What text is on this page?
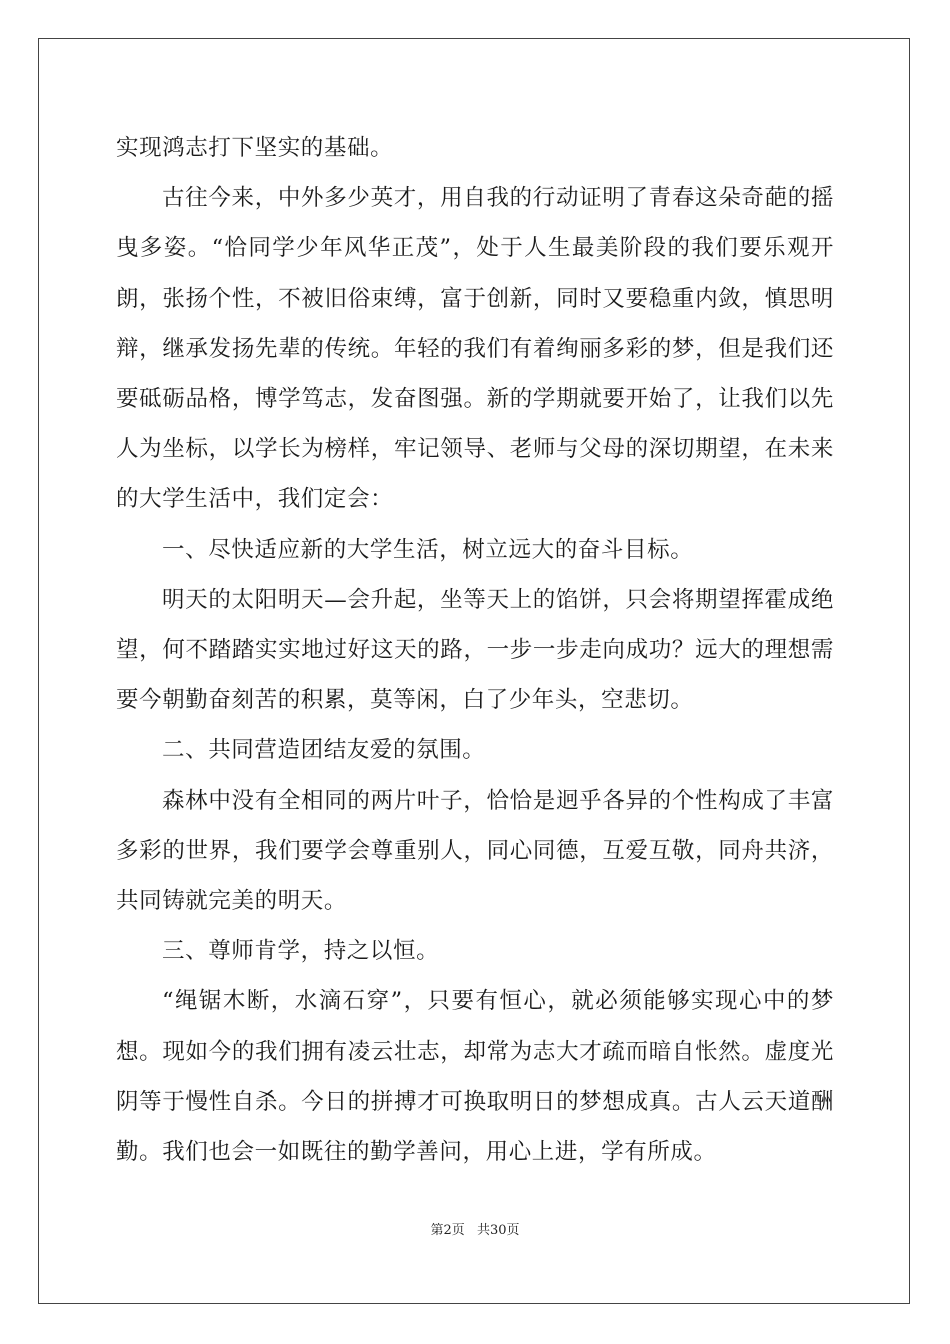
实现鸿志打下坚实的基础。

古往今来，中外多少英才，用自我的行动证明了青春这朵奇葩的摇曳多姿。“恰同学少年风华正茂”，处于人生最美阶段的我们要乐观开朗，张扬个性，不被旧俗束缚，富于创新，同时又要稳重内敛，慎思明辩，继承发扬先辈的传统。年轻的我们有着绚丽多彩的梦，但是我们还要砥砺品格，博学笃志，发奋图强。新的学期就要开始了，让我们以先人为坐标，以学长为榜样，牢记领导、老师与父母的深切期望，在未来的大学生活中，我们定会：

一、尽快适应新的大学生活，树立远大的奋斗目标。

明天的太阳明天—会升起，坐等天上的馅饼，只会将期望挥霍成绝望，何不踏踏实实地过好这天的路，一步一步走向成功？远大的理想需要今朝勤奋刻苦的积累，莫等闲，白了少年头，空悲切。

二、共同营造团结友爱的氛围。

森林中没有全相同的两片叶子，恰恰是迥乎各异的个性构成了丰富多彩的世界，我们要学会尊重别人，同心同德，互爱互敬，同舟共济，共同铸就完美的明天。

三、尊师肯学，持之以恒。

“绳锯木断，水滴石穿”，只要有恒心，就必须能够实现心中的梦想。现如今的我们拥有凌云壮志，却常为志大才疏而暗自怅然。虚度光阴等于慢性自杀。今日的拼搏才可换取明日的梦想成真。古人云天道酬勤。我们也会一如既往的勤学善问，用心上进，学有所成。

第2页 共30页
